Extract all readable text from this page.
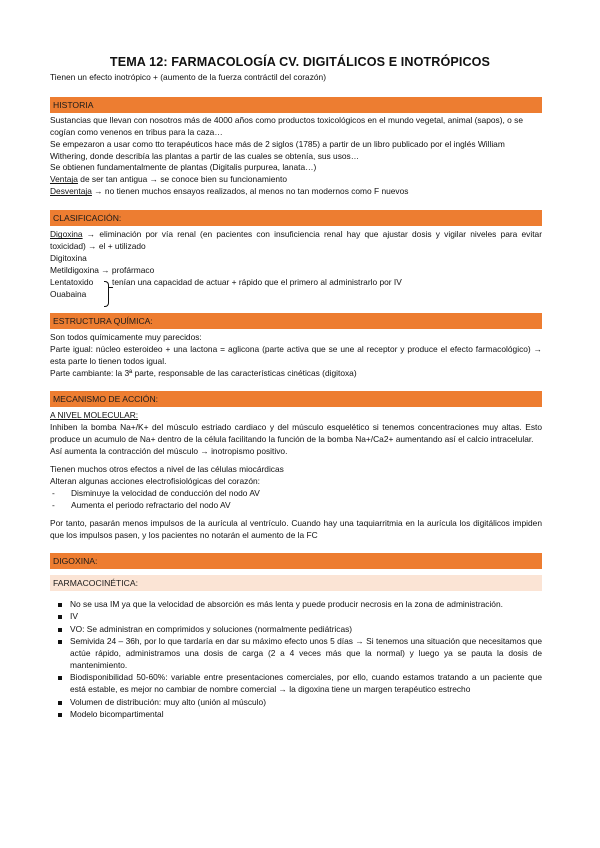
TEMA 12: FARMACOLOGÍA CV. DIGITÁLICOS E INOTRÓPICOS

Tienen un efecto inotrópico + (aumento de la fuerza contráctil del corazón)

HISTORIA

Sustancias que llevan con nosotros más de 4000 años como productos toxicológicos en el mundo vegetal, animal (sapos), o se cogían como venenos en tribus para la caza…

Se empezaron a usar como tto terapéuticos hace más de 2 siglos (1785) a partir de un libro publicado por el inglés William Withering, donde describía las plantas a partir de las cuales se obtenía, sus usos…

Se obtienen fundamentalmente de plantas (Digitalis purpurea, lanata…)

Ventaja de ser tan antigua → se conoce bien su funcionamiento

Desventaja → no tienen muchos ensayos realizados, al menos no tan modernos como F nuevos

CLASIFICACIÓN:

Digoxina → eliminación por vía renal (en pacientes con insuficiencia renal hay que ajustar dosis y vigilar niveles para evitar toxicidad) → el + utilizado

Digitoxina

Metildigoxina → profármaco

Lentatoxido

Ouabaina

tenían una capacidad de actuar + rápido que el primero al administrarlo por IV
ESTRUCTURA QUÍMICA:

Son todos químicamente muy parecidos:

Parte igual: núcleo esteroideo + una lactona = aglicona (parte activa que se une al receptor y produce el efecto farmacológico) → esta parte lo tienen todos igual.

Parte cambiante: la 3ª parte, responsable de las características cinéticas (digitoxa)

MECANISMO DE ACCIÓN:

A NIVEL MOLECULAR:

Inhiben la bomba Na+/K+ del músculo estriado cardiaco y del músculo esquelético si tenemos concentraciones muy altas. Esto produce un acumulo de Na+ dentro de la célula facilitando la función de la bomba Na+/Ca2+ aumentando así el calcio intracelular.

Así aumenta la contracción del músculo → inotropismo positivo.

Tienen muchos otros efectos a nivel de las células miocárdicas

Alteran algunas acciones electrofisiológicas del corazón:

- Disminuye la velocidad de conducción del nodo AV
- Aumenta el periodo refractario del nodo AV

Por tanto, pasarán menos impulsos de la aurícula al ventrículo. Cuando hay una taquiarritmia en la aurícula los digitálicos impiden que los impulsos pasen, y los pacientes no notarán el aumento de la FC

DIGOXINA:
FARMACOCINÉTICA:
No se usa IM ya que la velocidad de absorción es más lenta y puede producir necrosis en la zona de administración.
IV
VO: Se administran en comprimidos y soluciones (normalmente pediátricas)
Semivida 24 – 36h, por lo que tardaría en dar su máximo efecto unos 5 días → Si tenemos una situación que necesitamos que actúe rápido, administramos una dosis de carga (2 a 4 veces más que la normal) y luego ya se pauta la dosis de mantenimiento.
Biodisponibilidad 50-60%: variable entre presentaciones comerciales, por ello, cuando estamos tratando a un paciente que está estable, es mejor no cambiar de nombre comercial → la digoxina tiene un margen terapéutico estrecho
Volumen de distribución: muy alto (unión al músculo)
Modelo bicompartimental
